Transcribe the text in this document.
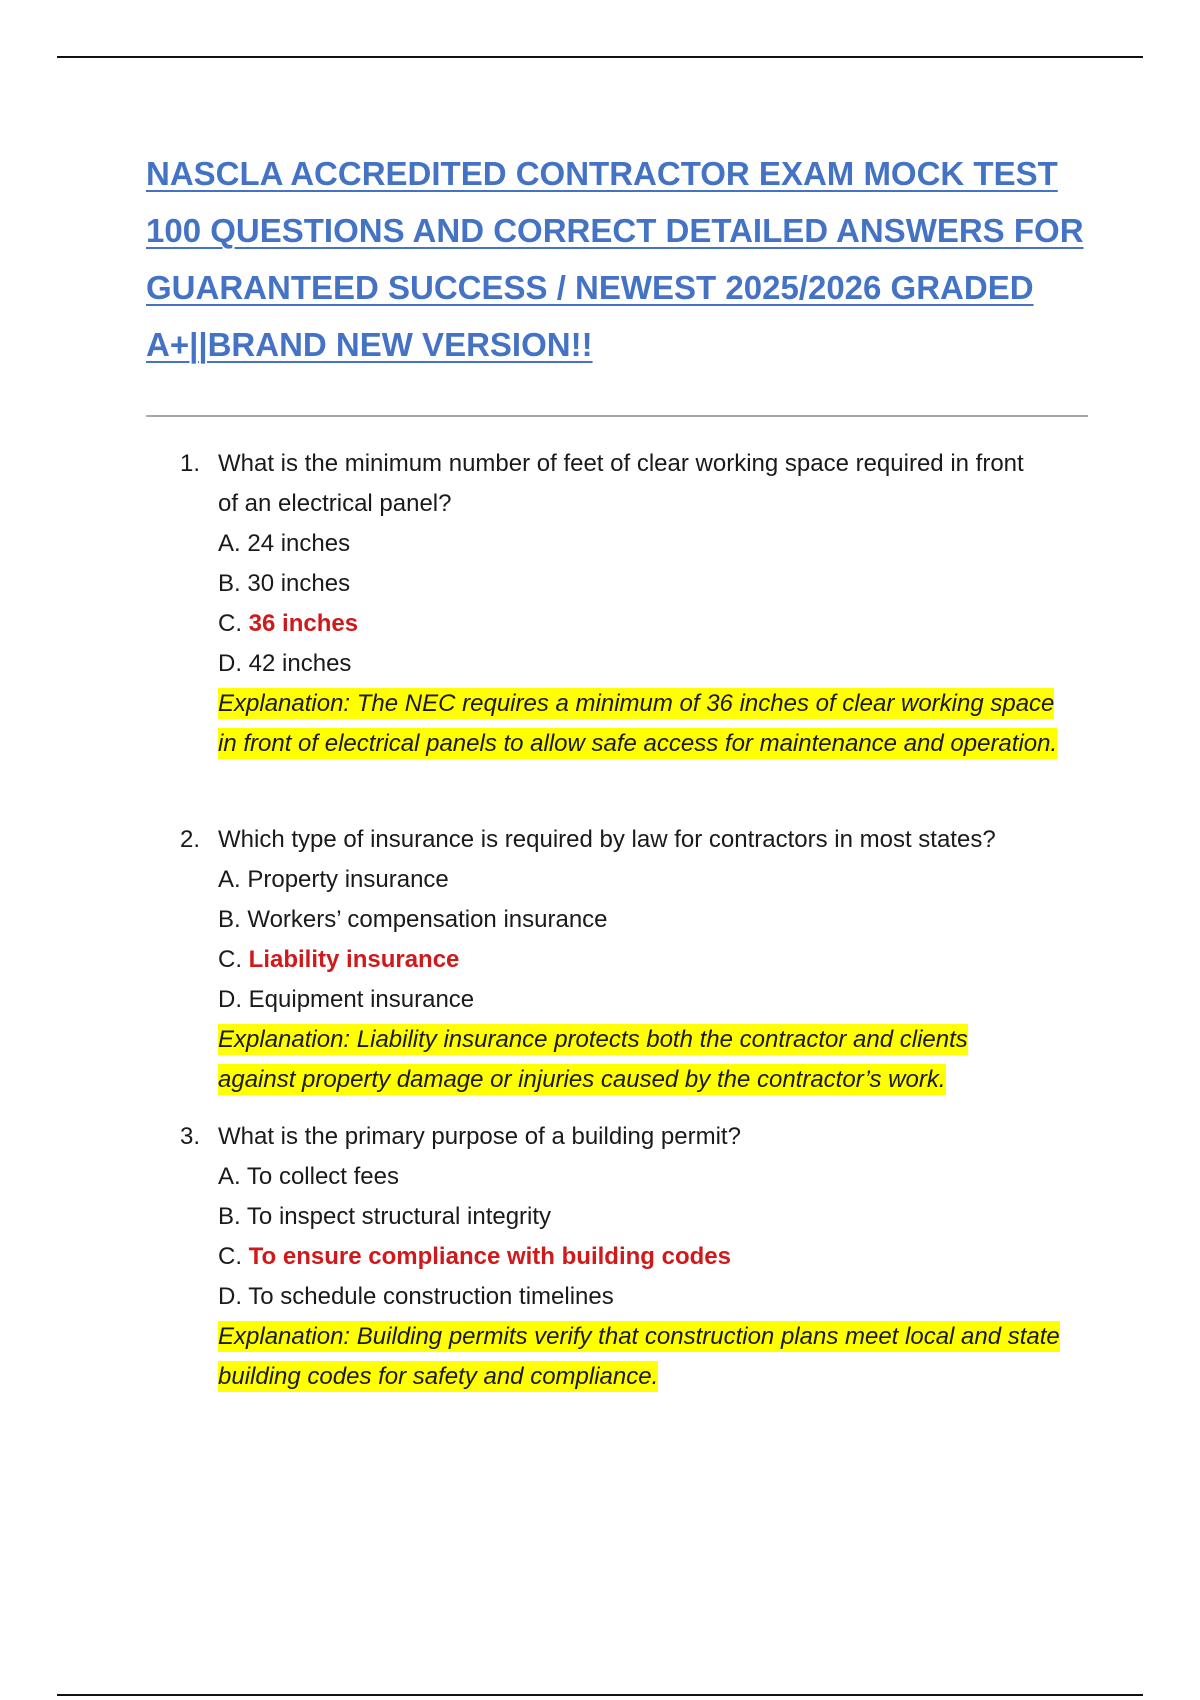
NASCLA ACCREDITED CONTRACTOR EXAM MOCK TEST
100 QUESTIONS AND CORRECT DETAILED ANSWERS FOR
GUARANTEED SUCCESS / NEWEST 2025/2026 GRADED
A+||BRAND NEW VERSION!!
1. What is the minimum number of feet of clear working space required in front of an electrical panel?

A. 24 inches
B. 30 inches
C. 36 inches
D. 42 inches

Explanation: The NEC requires a minimum of 36 inches of clear working space in front of electrical panels to allow safe access for maintenance and operation.

2. Which type of insurance is required by law for contractors in most states?

A. Property insurance
B. Workers’ compensation insurance
C. Liability insurance
D. Equipment insurance

Explanation: Liability insurance protects both the contractor and clients against property damage or injuries caused by the contractor’s work.

3. What is the primary purpose of a building permit?

A. To collect fees
B. To inspect structural integrity
C. To ensure compliance with building codes
D. To schedule construction timelines

Explanation: Building permits verify that construction plans meet local and state building codes for safety and compliance.
